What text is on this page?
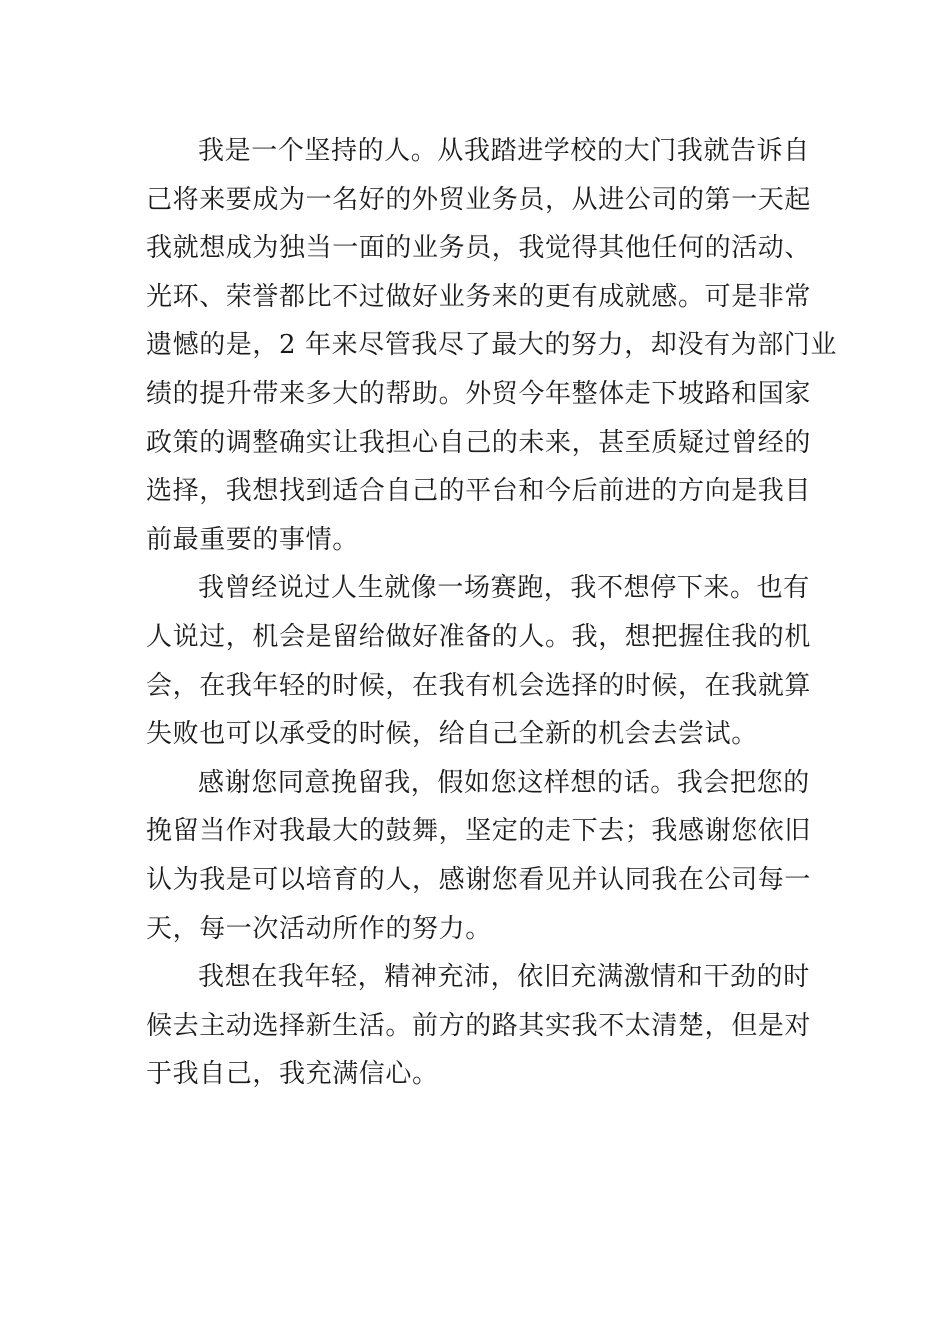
我是一个坚持的人。从我踏进学校的大门我就告诉自
己将来要成为一名好的外贸业务员，从进公司的第一天起
我就想成为独当一面的业务员，我觉得其他任何的活动、
光环、荣誉都比不过做好业务来的更有成就感。可是非常
遗憾的是，2 年来尽管我尽了最大的努力，却没有为部门业
绩的提升带来多大的帮助。外贸今年整体走下坡路和国家
政策的调整确实让我担心自己的未来，甚至质疑过曾经的
选择，我想找到适合自己的平台和今后前进的方向是我目
前最重要的事情。
我曾经说过人生就像一场赛跑，我不想停下来。也有
人说过，机会是留给做好准备的人。我，想把握住我的机
会，在我年轻的时候，在我有机会选择的时候，在我就算
失败也可以承受的时候，给自己全新的机会去尝试。
感谢您同意挽留我，假如您这样想的话。我会把您的
挽留当作对我最大的鼓舞，坚定的走下去；我感谢您依旧
认为我是可以培育的人，感谢您看见并认同我在公司每一
天，每一次活动所作的努力。
我想在我年轻，精神充沛，依旧充满激情和干劲的时
候去主动选择新生活。前方的路其实我不太清楚，但是对
于我自己，我充满信心。
